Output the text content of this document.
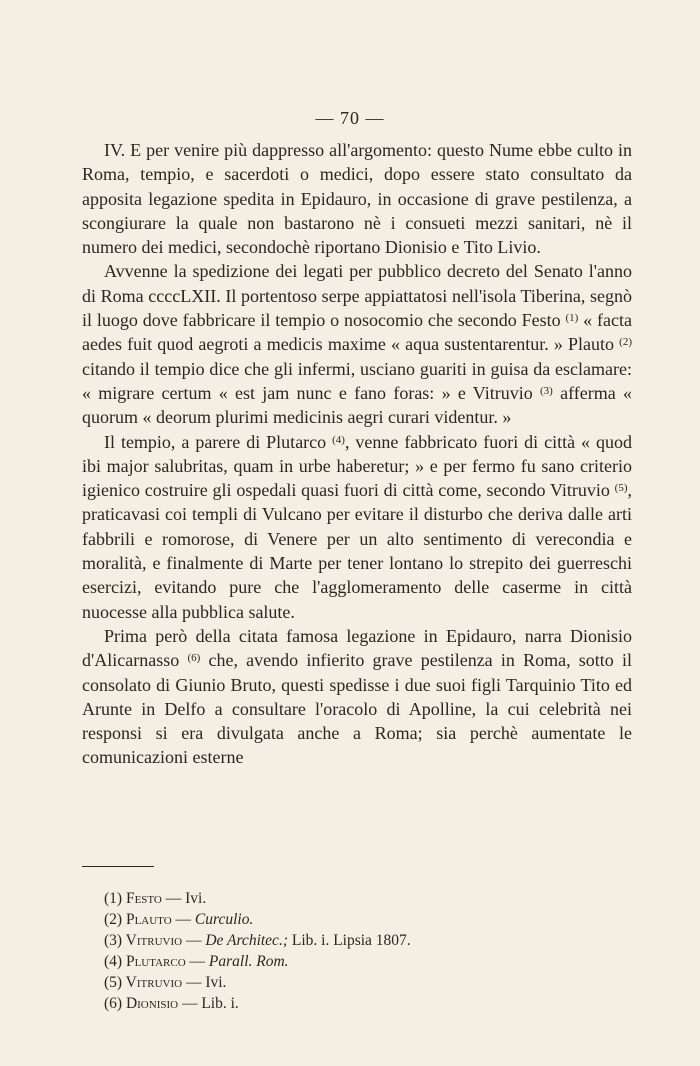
— 70 —

IV. E per venire più dappresso all'argomento: questo Nume ebbe culto in Roma, tempio, e sacerdoti o medici, dopo essere stato consultato da apposita legazione spedita in Epidauro, in occasione di grave pestilenza, a scongiurare la quale non bastarono nè i consueti mezzi sanitari, nè il numero dei medici, secondochè riportano Dionisio e Tito Livio.

Avvenne la spedizione dei legati per pubblico decreto del Senato l'anno di Roma ccccLXII. Il portentoso serpe appiattatosi nell'isola Tiberina, segnò il luogo dove fabbricare il tempio o nosocomio che secondo Festo $^{(1)}$ « facta aedes fuit quod aegroti a medicis maxime « aqua sustentarentur. » Plauto $^{(2)}$ citando il tempio dice che gli infermi, usciano guariti in guisa da esclamare: « migrare certum « est jam nunc e fano foras: » e Vitruvio $^{(3)}$ afferma « quorum « deorum plurimi medicinis aegri curari videntur. »

Il tempio, a parere di Plutarco $^{(4)}$, venne fabbricato fuori di città « quod ibi major salubritas, quam in urbe haberetur; » e per fermo fu sano criterio igienico costruire gli ospedali quasi fuori di città come, secondo Vitruvio $^{(5)}$, praticavasi coi templi di Vulcano per evitare il disturbo che deriva dalle arti fabbrili e romorose, di Venere per un alto sentimento di verecondia e moralità, e finalmente di Marte per tener lontano lo strepito dei guerreschi esercizi, evitando pure che l'agglomeramento delle caserme in città nuocesse alla pubblica salute.

Prima però della citata famosa legazione in Epidauro, narra Dionisio d'Alicarnasso $^{(6)}$ che, avendo infierito grave pestilenza in Roma, sotto il consolato di Giunio Bruto, questi spedisse i due suoi figli Tarquinio Tito ed Arunte in Delfo a consultare l'oracolo di Apolline, la cui celebrità nei responsi si era divulgata anche a Roma; sia perchè aumentate le comunicazioni esterne

(1) Festo — Ivi.
(2) Plauto — Curculio.
(3) Vitruvio — De Architec.; Lib. i. Lipsia 1807.
(4) Plutarco — Parall. Rom.
(5) Vitruvio — Ivi.
(6) Dionisio — Lib. i.
